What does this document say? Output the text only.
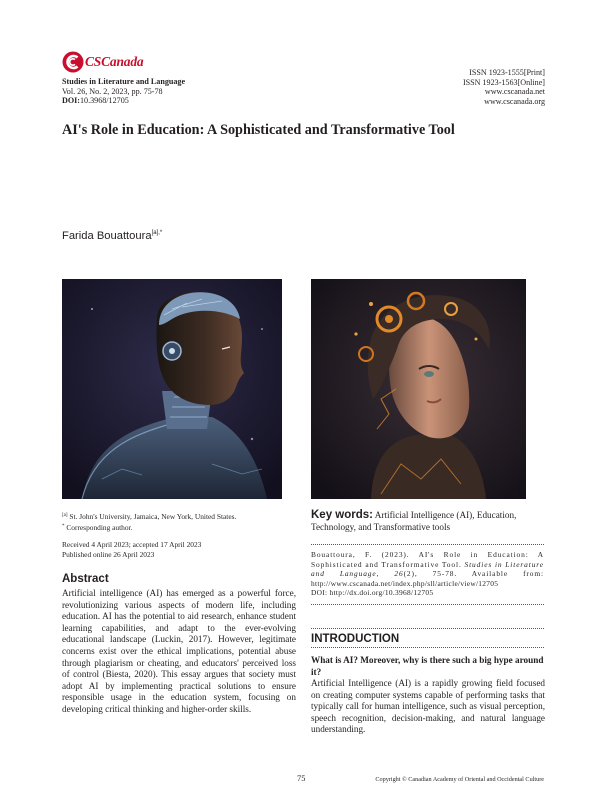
CSCanada
Studies in Literature and Language
Vol. 26, No. 2, 2023, pp. 75-78
DOI:10.3968/12705
ISSN 1923-1555[Print]
ISSN 1923-1563[Online]
www.cscanada.net
www.cscanada.org
AI's Role in Education: A Sophisticated and Transformative Tool
Farida Bouattoura$^{[a],*}$
[a] St. John's University, Jamaica, New York, United States.
* Corresponding author.
Received 4 April 2023; accepted 17 April 2023
Published online 26 April 2023
Abstract
Artificial intelligence (AI) has emerged as a powerful force, revolutionizing various aspects of modern life, including education. AI has the potential to aid research, enhance student learning capabilities, and adapt to the ever-evolving educational landscape (Luckin, 2017). However, legitimate concerns exist over the ethical implications, potential abuse through plagiarism or cheating, and educators' perceived loss of control (Biesta, 2020). This essay argues that society must adopt AI by implementing practical solutions to ensure responsible usage in the education system, focusing on developing critical thinking and higher-order skills.
Key words: Artificial Intelligence (AI), Education, Technology, and Transformative tools
Bouattoura, F. (2023). AI's Role in Education: A Sophisticated and Transformative Tool. Studies in Literature and Language, 26(2), 75-78. Available from: http://www.cscanada.net/index.php/sll/article/view/12705
DOI: http://dx.doi.org/10.3968/12705
INTRODUCTION
What is AI? Moreover, why is there such a big hype around it?
Artificial Intelligence (AI) is a rapidly growing field focused on creating computer systems capable of performing tasks that typically call for human intelligence, such as visual perception, speech recognition, decision-making, and natural language understanding.
75	Copyright © Canadian Academy of Oriental and Occidental Culture
